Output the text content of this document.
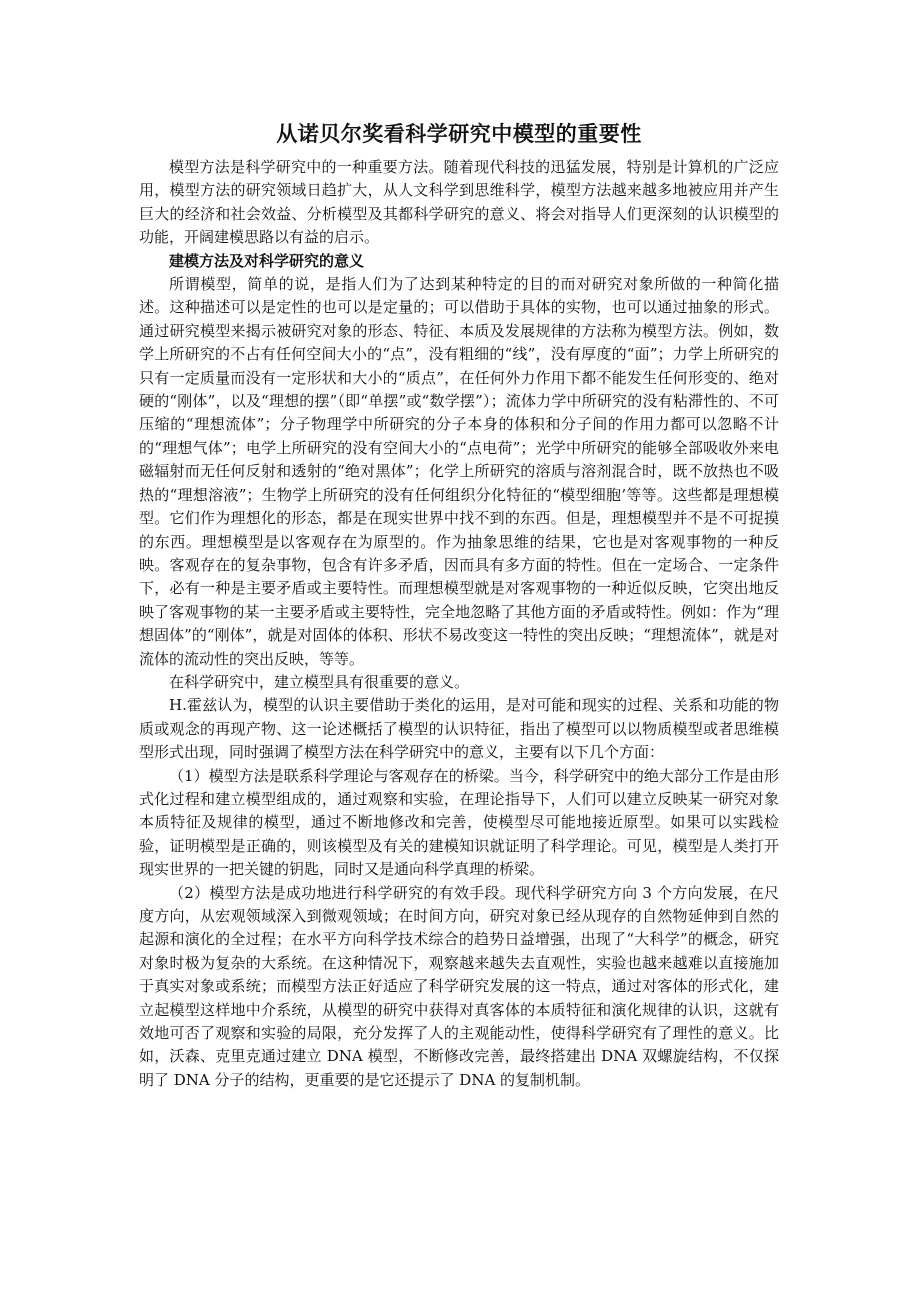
从诺贝尔奖看科学研究中模型的重要性

模型方法是科学研究中的一种重要方法。随着现代科技的迅猛发展，特别是计算机的广泛应用，模型方法的研究领域日趋扩大，从人文科学到思维科学，模型方法越来越多地被应用并产生巨大的经济和社会效益、分析模型及其都科学研究的意义、将会对指导人们更深刻的认识模型的功能，开阔建模思路以有益的启示。

建模方法及对科学研究的意义

所谓模型，简单的说，是指人们为了达到某种特定的目的而对研究对象所做的一种简化描述。这种描述可以是定性的也可以是定量的；可以借助于具体的实物，也可以通过抽象的形式。通过研究模型来揭示被研究对象的形态、特征、本质及发展规律的方法称为模型方法。例如，数学上所研究的不占有任何空间大小的“点”，没有粗细的“线”，没有厚度的“面”；力学上所研究的只有一定质量而没有一定形状和大小的“质点”，在任何外力作用下都不能发生任何形变的、绝对硬的“刚体”，以及“理想的摆”（即“单摆”或“数学摆”）；流体力学中所研究的没有粘滞性的、不可压缩的“理想流体”；分子物理学中所研究的分子本身的体积和分子间的作用力都可以忽略不计的“理想气体”；电学上所研究的没有空间大小的“点电荷”；光学中所研究的能够全部吸收外来电磁辐射而无任何反射和透射的“绝对黑体”；化学上所研究的溶质与溶剂混合时，既不放热也不吸热的“理想溶液”；生物学上所研究的没有任何组织分化特征的“模型细胞’等等。这些都是理想模型。它们作为理想化的形态，都是在现实世界中找不到的东西。但是，理想模型并不是不可捉摸的东西。理想模型是以客观存在为原型的。作为抽象思维的结果，它也是对客观事物的一种反映。客观存在的复杂事物，包含有许多矛盾，因而具有多方面的特性。但在一定场合、一定条件下，必有一种是主要矛盾或主要特性。而理想模型就是对客观事物的一种近似反映，它突出地反映了客观事物的某一主要矛盾或主要特性，完全地忽略了其他方面的矛盾或特性。例如：作为“理想固体”的“刚体”，就是对固体的体积、形状不易改变这一特性的突出反映；“理想流体”，就是对流体的流动性的突出反映，等等。

在科学研究中，建立模型具有很重要的意义。

H.霍兹认为，模型的认识主要借助于类化的运用，是对可能和现实的过程、关系和功能的物质或观念的再现产物、这一论述概括了模型的认识特征，指出了模型可以以物质模型或者思维模型形式出现，同时强调了模型方法在科学研究中的意义，主要有以下几个方面：

（1）模型方法是联系科学理论与客观存在的桥梁。当今，科学研究中的绝大部分工作是由形式化过程和建立模型组成的，通过观察和实验，在理论指导下，人们可以建立反映某一研究对象本质特征及规律的模型，通过不断地修改和完善，使模型尽可能地接近原型。如果可以实践检验，证明模型是正确的，则该模型及有关的建模知识就证明了科学理论。可见，模型是人类打开现实世界的一把关键的钥匙，同时又是通向科学真理的桥梁。

（2）模型方法是成功地进行科学研究的有效手段。现代科学研究方向 3 个方向发展，在尺度方向，从宏观领域深入到微观领域；在时间方向，研究对象已经从现存的自然物延伸到自然的起源和演化的全过程；在水平方向科学技术综合的趋势日益增强，出现了“大科学”的概念，研究对象时极为复杂的大系统。在这种情况下，观察越来越失去直观性，实验也越来越难以直接施加于真实对象或系统；而模型方法正好适应了科学研究发展的这一特点，通过对客体的形式化，建立起模型这样地中介系统，从模型的研究中获得对真客体的本质特征和演化规律的认识，这就有效地可否了观察和实验的局限，充分发挥了人的主观能动性，使得科学研究有了理性的意义。比如，沃森、克里克通过建立 DNA 模型，不断修改完善，最终搭建出 DNA 双螺旋结构，不仅探明了 DNA 分子的结构，更重要的是它还提示了 DNA 的复制机制。
